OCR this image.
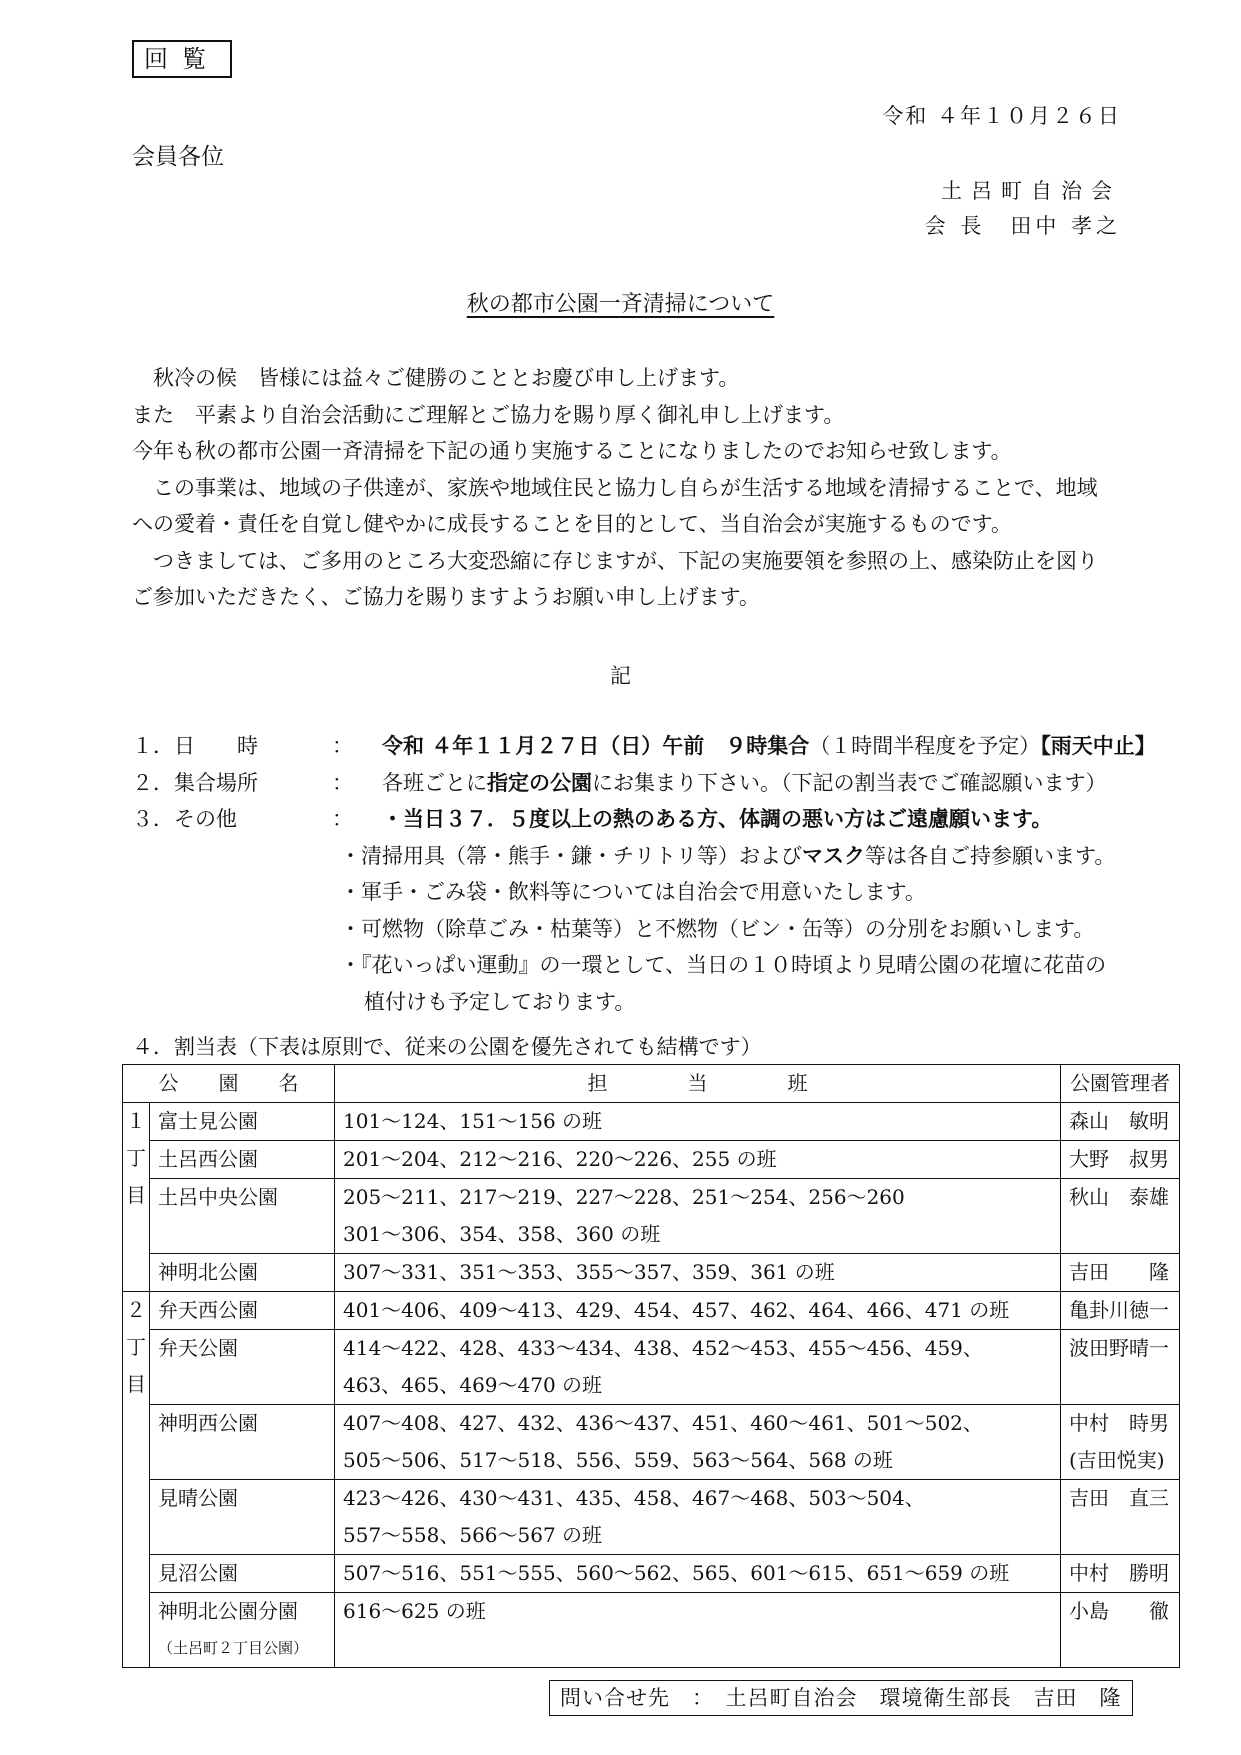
回覧
令和 ４年１０月２６日
会員各位
土呂町自治会
会 長　田中 孝之
秋の都市公園一斉清掃について

　秋冷の候　皆様には益々ご健勝のこととお慶び申し上げます。

また　平素より自治会活動にご理解とご協力を賜り厚く御礼申し上げます。

今年も秋の都市公園一斉清掃を下記の通り実施することになりましたのでお知らせ致します。

　この事業は、地域の子供達が、家族や地域住民と協力し自らが生活する地域を清掃することで、地域

への愛着・責任を自覚し健やかに成長することを目的として、当自治会が実施するものです。

　つきましては、ご多用のところ大変恐縮に存じますが、下記の実施要領を参照の上、感染防止を図り

ご参加いただきたく、ご協力を賜りますようお願い申し上げます。

記
１．日　　時	：	令和 ４年１１月２７日（日）午前　９時集合（１時間半程度を予定）【雨天中止】
２．集合場所	：	各班ごとに指定の公園にお集まり下さい。（下記の割当表でご確認願います）
３．その他	：	・当日３７．５度以上の熱のある方、体調の悪い方はご遠慮願います。
・清掃用具（箒・熊手・鎌・チリトリ等）および マスク 等は各自ご持参願います。
・軍手・ごみ袋・飲料等については自治会で用意いたします。
・可燃物（除草ごみ・枯葉等）と不燃物（ビン・缶等）の分別をお願いします。
・『花いっぱい運動』の一環として、当日の１０時頃より見晴公園の花壇に花苗の
植付けも予定しております。
４．割当表（下表は原則で、従来の公園を優先されても結構です）
公　　園　　名		担　　　　当　　　　班	公園管理者

１
丁
目	富士見公園	101～124、151～156 の班	森山　敏明
	土呂西公園	201～204、212～216、220～226、255 の班	大野　叔男
	土呂中央公園	205～211、217～219、227～228、251～254、256～260	秋山　泰雄
		301～306、354、358、360 の班	
	神明北公園	307～331、351～353、355～357、359、361 の班	吉田　　隆

２
丁
目	弁天西公園	401～406、409～413、429、454、457、462、464、466、471 の班	亀卦川徳一
	弁天公園	414～422、428、433～434、438、452～453、455～456、459、	波田野晴一
		463、465、469～470 の班	
	神明西公園	407～408、427、432、436～437、451、460～461、501～502、	中村　時男
		505～506、517～518、556、559、563～564、568 の班	(吉田悦実)
	見晴公園	423～426、430～431、435、458、467～468、503～504、	吉田　直三
		557～558、566～567 の班	
	見沼公園	507～516、551～555、560～562、565、601～615、651～659 の班	中村　勝明
	神明北公園分園	616～625 の班	小島　　徹
	（土呂町２丁目公園）		
問い合せ先　：　土呂町自治会　環境衛生部長　吉田　隆
